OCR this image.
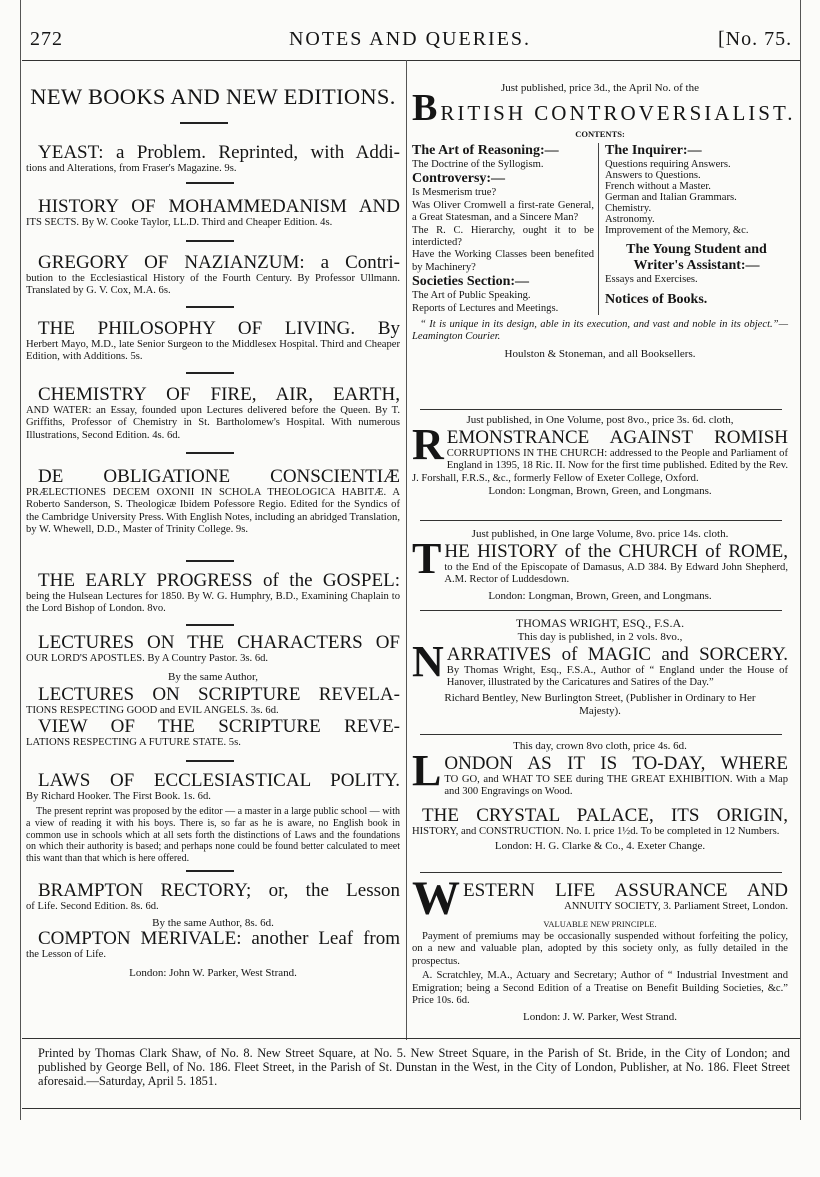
272	NOTES AND QUERIES.	[No. 75.
NEW BOOKS AND NEW EDITIONS.
YEAST: a Problem. Reprinted, with Addi-
tions and Alterations, from Fraser's Magazine. 9s.
HISTORY OF MOHAMMEDANISM AND
ITS SECTS. By W. Cooke Taylor, LL.D. Third and Cheaper Edition. 4s.
GREGORY OF NAZIANZUM: a Contri-
bution to the Ecclesiastical History of the Fourth Century. By Professor Ullmann. Translated by G. V. Cox, M.A. 6s.
THE PHILOSOPHY OF LIVING. By
Herbert Mayo, M.D., late Senior Surgeon to the Middlesex Hospital. Third and Cheaper Edition, with Additions. 5s.
CHEMISTRY OF FIRE, AIR, EARTH,
AND WATER: an Essay, founded upon Lectures delivered before the Queen. By T. Griffiths, Professor of Chemistry in St. Bartholomew's Hospital. With numerous Illustrations, Second Edition. 4s. 6d.
DE OBLIGATIONE CONSCIENTIÆ
PRÆLECTIONES DECEM OXONII IN SCHOLA THEOLOGICA HABITÆ. A Roberto Sanderson, S. Theologicæ Ibidem Pofessore Regio. Edited for the Syndics of the Cambridge University Press. With English Notes, including an abridged Translation, by W. Whewell, D.D., Master of Trinity College. 9s.
THE EARLY PROGRESS of the GOSPEL:
being the Hulsean Lectures for 1850. By W. G. Humphry, B.D., Examining Chaplain to the Lord Bishop of London. 8vo.
LECTURES ON THE CHARACTERS OF
OUR LORD'S APOSTLES. By A Country Pastor. 3s. 6d.
By the same Author,
LECTURES ON SCRIPTURE REVELA-
TIONS RESPECTING GOOD and EVIL ANGELS. 3s. 6d.
VIEW OF THE SCRIPTURE REVE-
LATIONS RESPECTING A FUTURE STATE. 5s.
LAWS OF ECCLESIASTICAL POLITY.
By Richard Hooker. The First Book. 1s. 6d.
The present reprint was proposed by the editor — a master in a large public school — with a view of reading it with his boys. There is, so far as he is aware, no English book in common use in schools which at all sets forth the distinctions of Laws and the foundations on which their authority is based; and perhaps none could be found better calculated to meet this want than that which is here offered.
BRAMPTON RECTORY; or, the Lesson
of Life. Second Edition. 8s. 6d.
By the same Author, 8s. 6d.
COMPTON MERIVALE: another Leaf from
the Lesson of Life.
London: John W. Parker, West Strand.
Just published, price 3d., the April No. of the
BRITISH CONTROVERSIALIST.
CONTENTS:
The Art of Reasoning:—
The Doctrine of the Syllogism.
Controversy:—
Is Mesmerism true?
Was Oliver Cromwell a first-rate General, a Great Statesman, and a Sincere Man?
The R. C. Hierarchy, ought it to be interdicted?
Have the Working Classes been benefited by Machinery?
Societies Section:—
The Art of Public Speaking.
Reports of Lectures and Meetings.
The Inquirer:—
Questions requiring Answers.
Answers to Questions.
French without a Master.
German and Italian Grammars.
Chemistry.
Astronomy.
Improvement of the Memory, &c.
The Young Student and Writer's Assistant:—
Essays and Exercises.
Notices of Books.
“ It is unique in its design, able in its execution, and vast and noble in its object.”—Leamington Courier.
Houlston & Stoneman, and all Booksellers.
Just published, in One Volume, post 8vo., price 3s. 6d. cloth,
R EMONSTRANCE AGAINST ROMISH
CORRUPTIONS IN THE CHURCH: addressed to the People and Parliament of England in 1395, 18 Ric. II. Now for the first time published. Edited by the Rev. J. Forshall, F.R.S., &c., formerly Fellow of Exeter College, Oxford.
London: Longman, Brown, Green, and Longmans.
Just published, in One large Volume, 8vo. price 14s. cloth.
T HE HISTORY of the CHURCH of ROME,
to the End of the Episcopate of Damasus, A.D 384. By Edward John Shepherd, A.M. Rector of Luddesdown.
London: Longman, Brown, Green, and Longmans.
THOMAS WRIGHT, ESQ., F.S.A.
This day is published, in 2 vols. 8vo.,
N ARRATIVES of MAGIC and SORCERY.
By Thomas Wright, Esq., F.S.A., Author of “ England under the House of Hanover, illustrated by the Caricatures and Satires of the Day.”
Richard Bentley, New Burlington Street, (Publisher in Ordinary to Her Majesty).
This day, crown 8vo cloth, price 4s. 6d.
L ONDON AS IT IS TO-DAY, WHERE
TO GO, and WHAT TO SEE during THE GREAT EXHIBITION. With a Map and 300 Engravings on Wood.
THE CRYSTAL PALACE, ITS ORIGIN,
HISTORY, and CONSTRUCTION. No. I. price 1½d. To be completed in 12 Numbers.
London: H. G. Clarke & Co., 4. Exeter Change.
W ESTERN LIFE ASSURANCE AND
ANNUITY SOCIETY, 3. Parliament Street, London.
VALUABLE NEW PRINCIPLE.
Payment of premiums may be occasionally suspended without forfeiting the policy, on a new and valuable plan, adopted by this society only, as fully detailed in the prospectus.
A. Scratchley, M.A., Actuary and Secretary; Author of “ Industrial Investment and Emigration; being a Second Edition of a Treatise on Benefit Building Societies, &c.” Price 10s. 6d.
London: J. W. Parker, West Strand.
Printed by Thomas Clark Shaw, of No. 8. New Street Square, at No. 5. New Street Square, in the Parish of St. Bride, in the City of London; and published by George Bell, of No. 186. Fleet Street, in the Parish of St. Dunstan in the West, in the City of London, Publisher, at No. 186. Fleet Street aforesaid.—Saturday, April 5. 1851.
